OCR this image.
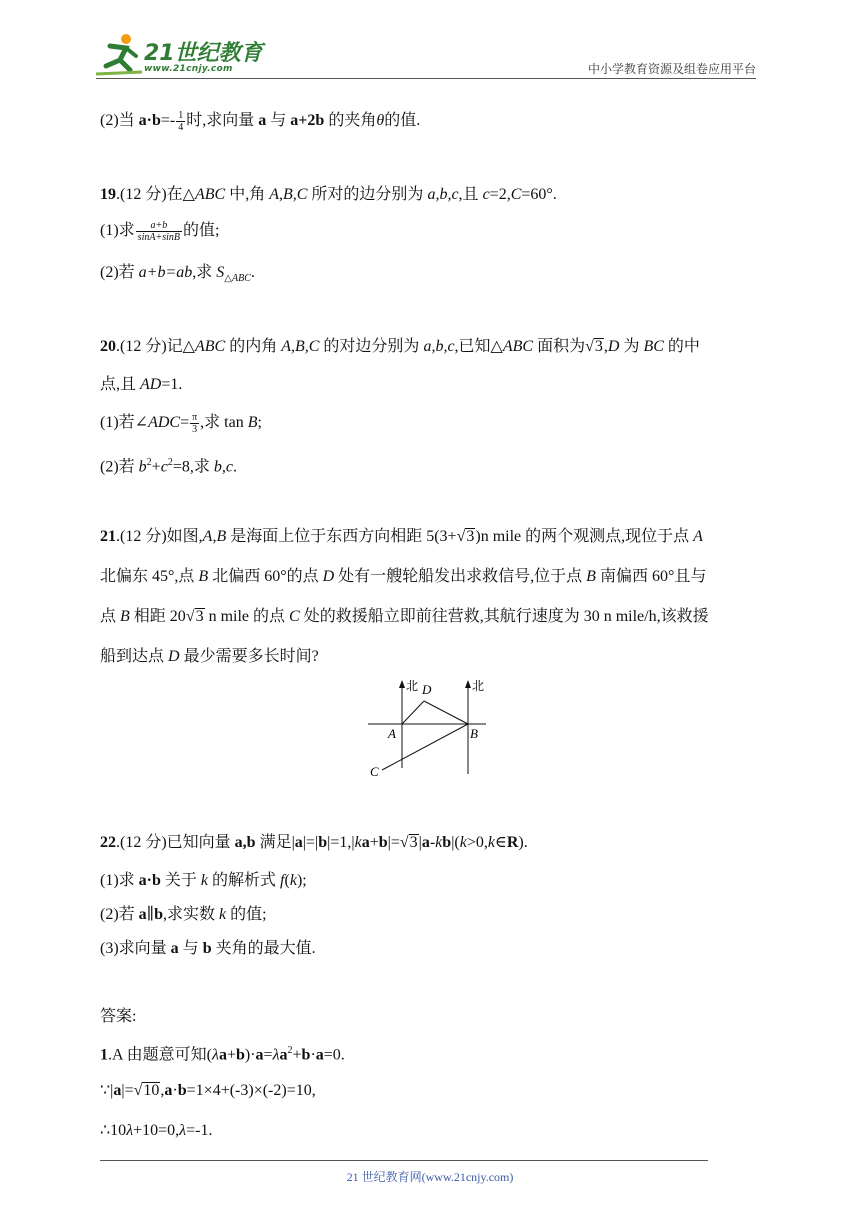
21世纪教育
www.21cnjy.com	中小学教育资源及组卷应用平台
(2)当 $a\cdot b=- \frac{1}{4}$ 时,求向量 a 与 a+2b 的夹角θ的值.
19.(12 分)在△ABC 中,角 A,B,C 所对的边分别为 a,b,c,且 c=2,C=60°.
(1)求 $\frac{a+b}{\sin A+\sin B}$ 的值;
(2)若 a+b=ab,求 $S_{\triangle ABC}$.
20.(12 分)记△ABC 的内角 A,B,C 的对边分别为 a,b,c,已知△ABC 面积为√3,D 为 BC 的中
点,且 AD=1.
(1)若∠ADC= $\frac{\pi}{3}$ ,求 tan B;
(2)若 $b^2+c^2=8$,求 b,c.
21.(12 分)如图,A,B 是海面上位于东西方向相距 5(3+√3)n mile 的两个观测点,现位于点 A
北偏东 45°,点 B 北偏西 60°的点 D 处有一艘轮船发出求救信号,位于点 B 南偏西 60°且与
点 B 相距 20√3 n mile 的点 C 处的救援船立即前往营救,其航行速度为 30 n mile/h,该救援
船到达点 D 最少需要多长时间?
北	北
D
A	B
C
22.(12 分)已知向量 a,b 满足|a|=|b|=1,|ka+b|=√3|a-kb|(k>0,k∈R).
(1)求 a·b 关于 k 的解析式 f(k);
(2)若 a∥b,求实数 k 的值;
(3)求向量 a 与 b 夹角的最大值.
答案:
1.A 由题意可知$(\lambda a+b)\cdot a=\lambda a^2+b\cdot a=0$.
∵|a|=√10,a·b=1×4+(-3)×(-2)=10,
∴10λ+10=0,λ=-1.
21 世纪教育网(www.21cnjy.com)
